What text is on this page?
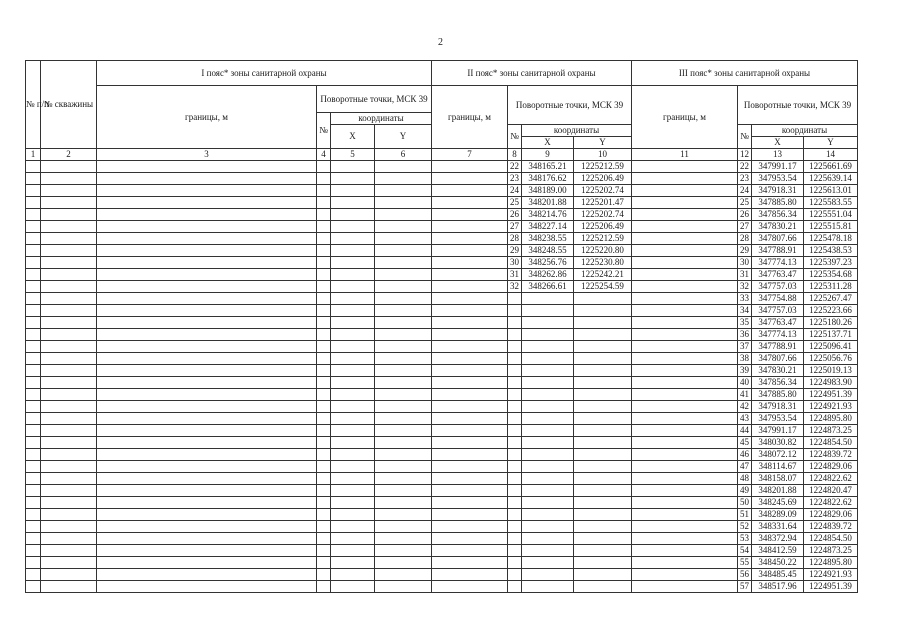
2
№ п/п	№ скважины	I пояс* зоны санитарной охраны				II пояс* зоны санитарной охраны				III пояс* зоны санитарной охраны			
		границы, м	Поворотные точки, МСК 39			границы, м	Поворотные точки, МСК 39			границы, м	Поворотные точки, МСК 39		
			№	координаты									
				X	Y		№	координаты			№	координаты	
								X	Y			X	Y
1	2	3	4	5	6	7	8	9	10	11	12	13	14
							22	348165.21	1225212.59		22	347991.17	1225661.69
							23	348176.62	1225206.49		23	347953.54	1225639.14
							24	348189.00	1225202.74		24	347918.31	1225613.01
							25	348201.88	1225201.47		25	347885.80	1225583.55
							26	348214.76	1225202.74		26	347856.34	1225551.04
							27	348227.14	1225206.49		27	347830.21	1225515.81
							28	348238.55	1225212.59		28	347807.66	1225478.18
							29	348248.55	1225220.80		29	347788.91	1225438.53
							30	348256.76	1225230.80		30	347774.13	1225397.23
							31	348262.86	1225242.21		31	347763.47	1225354.68
							32	348266.61	1225254.59		32	347757.03	1225311.28
											33	347754.88	1225267.47
											34	347757.03	1225223.66
											35	347763.47	1225180.26
											36	347774.13	1225137.71
											37	347788.91	1225096.41
											38	347807.66	1225056.76
											39	347830.21	1225019.13
											40	347856.34	1224983.90
											41	347885.80	1224951.39
											42	347918.31	1224921.93
											43	347953.54	1224895.80
											44	347991.17	1224873.25
											45	348030.82	1224854.50
											46	348072.12	1224839.72
											47	348114.67	1224829.06
											48	348158.07	1224822.62
											49	348201.88	1224820.47
											50	348245.69	1224822.62
											51	348289.09	1224829.06
											52	348331.64	1224839.72
											53	348372.94	1224854.50
											54	348412.59	1224873.25
											55	348450.22	1224895.80
											56	348485.45	1224921.93
											57	348517.96	1224951.39
